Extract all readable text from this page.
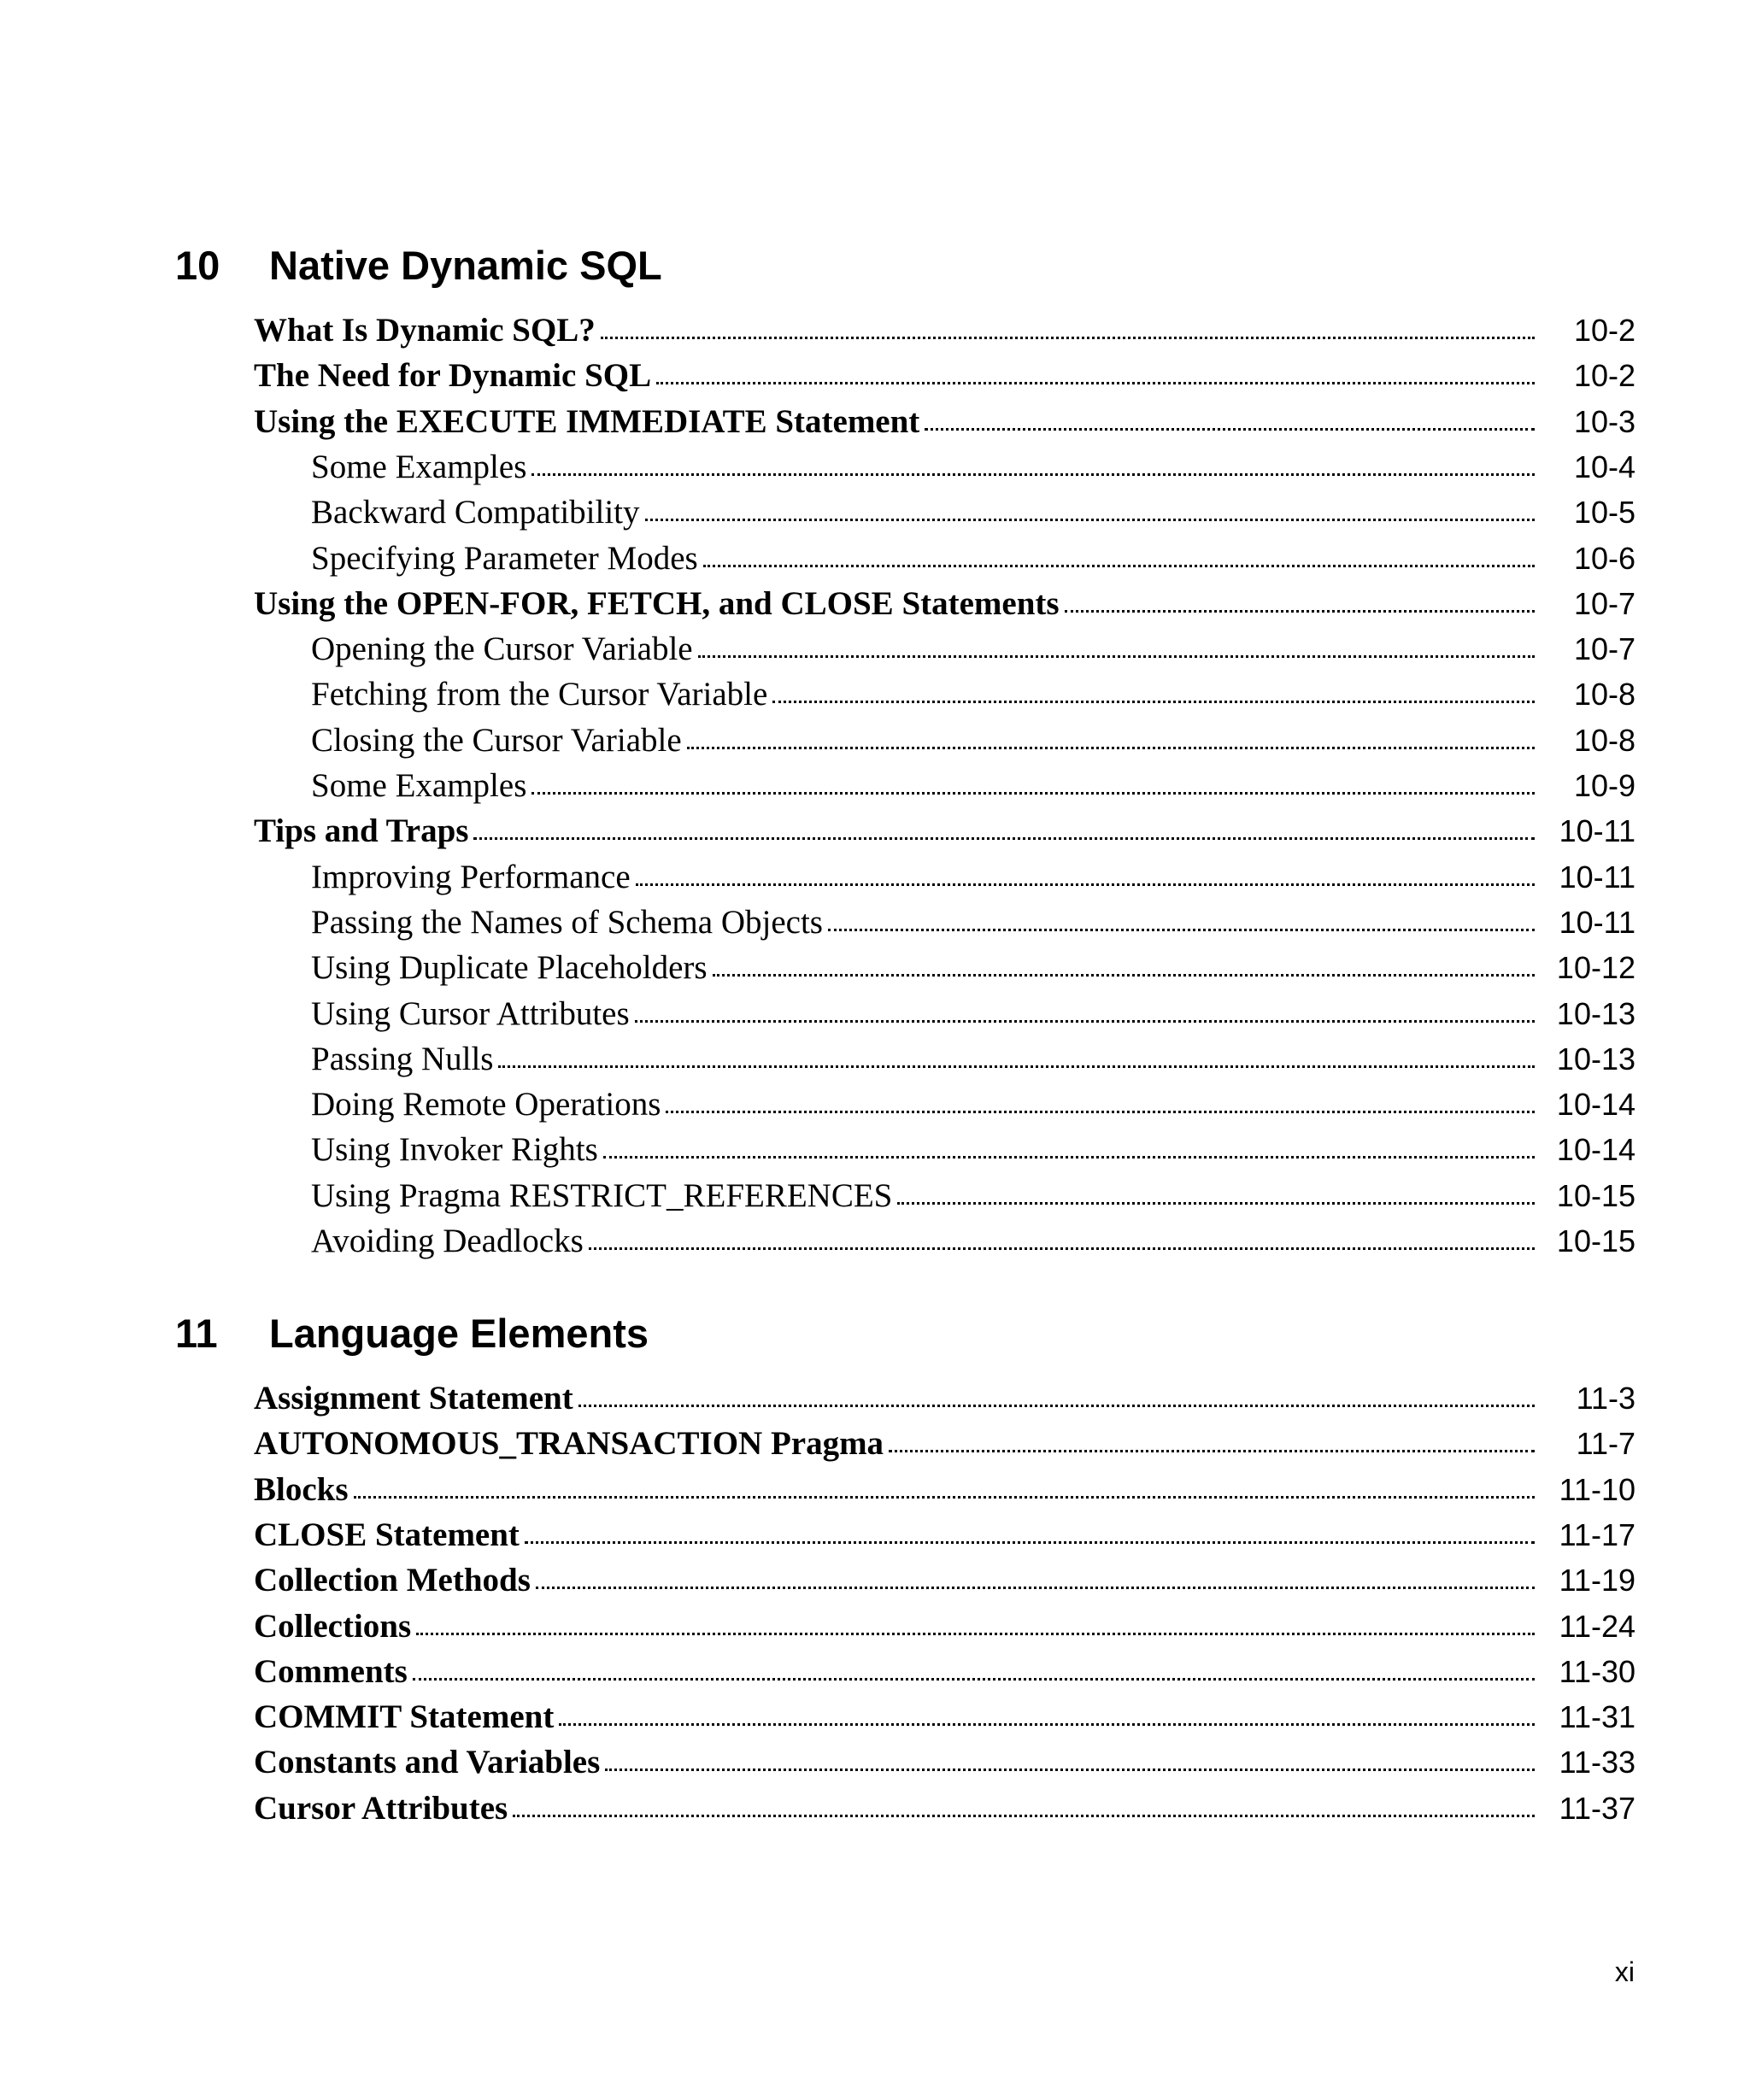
10	Native Dynamic SQL
What Is Dynamic SQL?	10-2
The Need for Dynamic SQL	10-2
Using the EXECUTE IMMEDIATE Statement	10-3
Some Examples	10-4
Backward Compatibility	10-5
Specifying Parameter Modes	10-6
Using the OPEN-FOR, FETCH, and CLOSE Statements	10-7
Opening the Cursor Variable	10-7
Fetching from the Cursor Variable	10-8
Closing the Cursor Variable	10-8
Some Examples	10-9
Tips and Traps	10-11
Improving Performance	10-11
Passing the Names of Schema Objects	10-11
Using Duplicate Placeholders	10-12
Using Cursor Attributes	10-13
Passing Nulls	10-13
Doing Remote Operations	10-14
Using Invoker Rights	10-14
Using Pragma RESTRICT_REFERENCES	10-15
Avoiding Deadlocks	10-15
11	Language Elements
Assignment Statement	11-3
AUTONOMOUS_TRANSACTION Pragma	11-7
Blocks	11-10
CLOSE Statement	11-17
Collection Methods	11-19
Collections	11-24
Comments	11-30
COMMIT Statement	11-31
Constants and Variables	11-33
Cursor Attributes	11-37
xi
